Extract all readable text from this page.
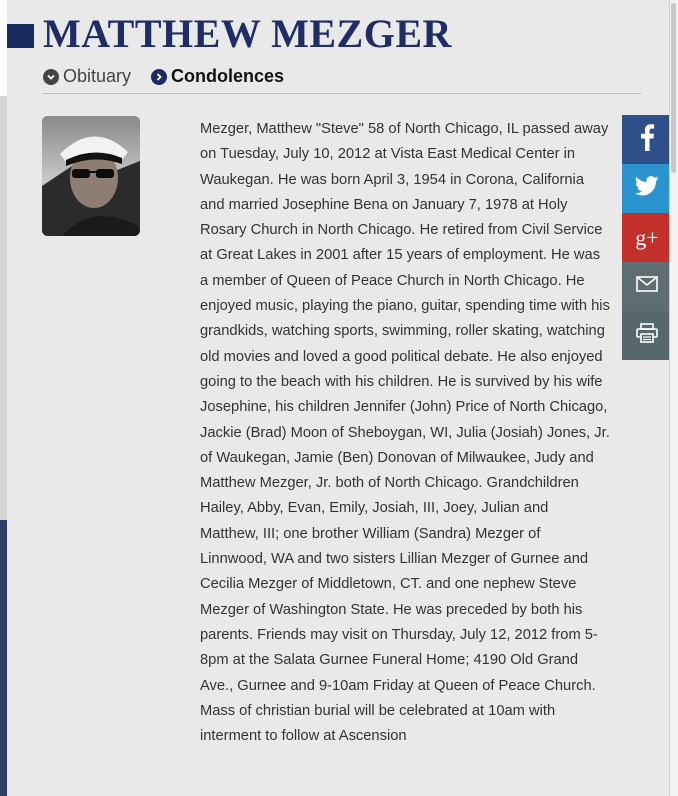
MATTHEW MEZGER
Obituary Condolences

Mezger, Matthew "Steve" 58 of North Chicago, IL passed away on Tuesday, July 10, 2012 at Vista East Medical Center in Waukegan. He was born April 3, 1954 in Corona, California and married Josephine Bena on January 7, 1978 at Holy Rosary Church in North Chicago. He retired from Civil Service at Great Lakes in 2001 after 15 years of employment. He was a member of Queen of Peace Church in North Chicago. He enjoyed music, playing the piano, guitar, spending time with his grandkids, watching sports, swimming, roller skating, watching old movies and loved a good political debate. He also enjoyed going to the beach with his children. He is survived by his wife Josephine, his children Jennifer (John) Price of North Chicago, Jackie (Brad) Moon of Sheboygan, WI, Julia (Josiah) Jones, Jr. of Waukegan, Jamie (Ben) Donovan of Milwaukee, Judy and Matthew Mezger, Jr. both of North Chicago. Grandchildren Hailey, Abby, Evan, Emily, Josiah, III, Joey, Julian and Matthew, III; one brother William (Sandra) Mezger of Linnwood, WA and two sisters Lillian Mezger of Gurnee and Cecilia Mezger of Middletown, CT. and one nephew Steve Mezger of Washington State. He was preceded by both his parents. Friends may visit on Thursday, July 12, 2012 from 5-8pm at the Salata Gurnee Funeral Home; 4190 Old Grand Ave., Gurnee and 9-10am Friday at Queen of Peace Church. Mass of christian burial will be celebrated at 10am with interment to follow at Ascension

g+
